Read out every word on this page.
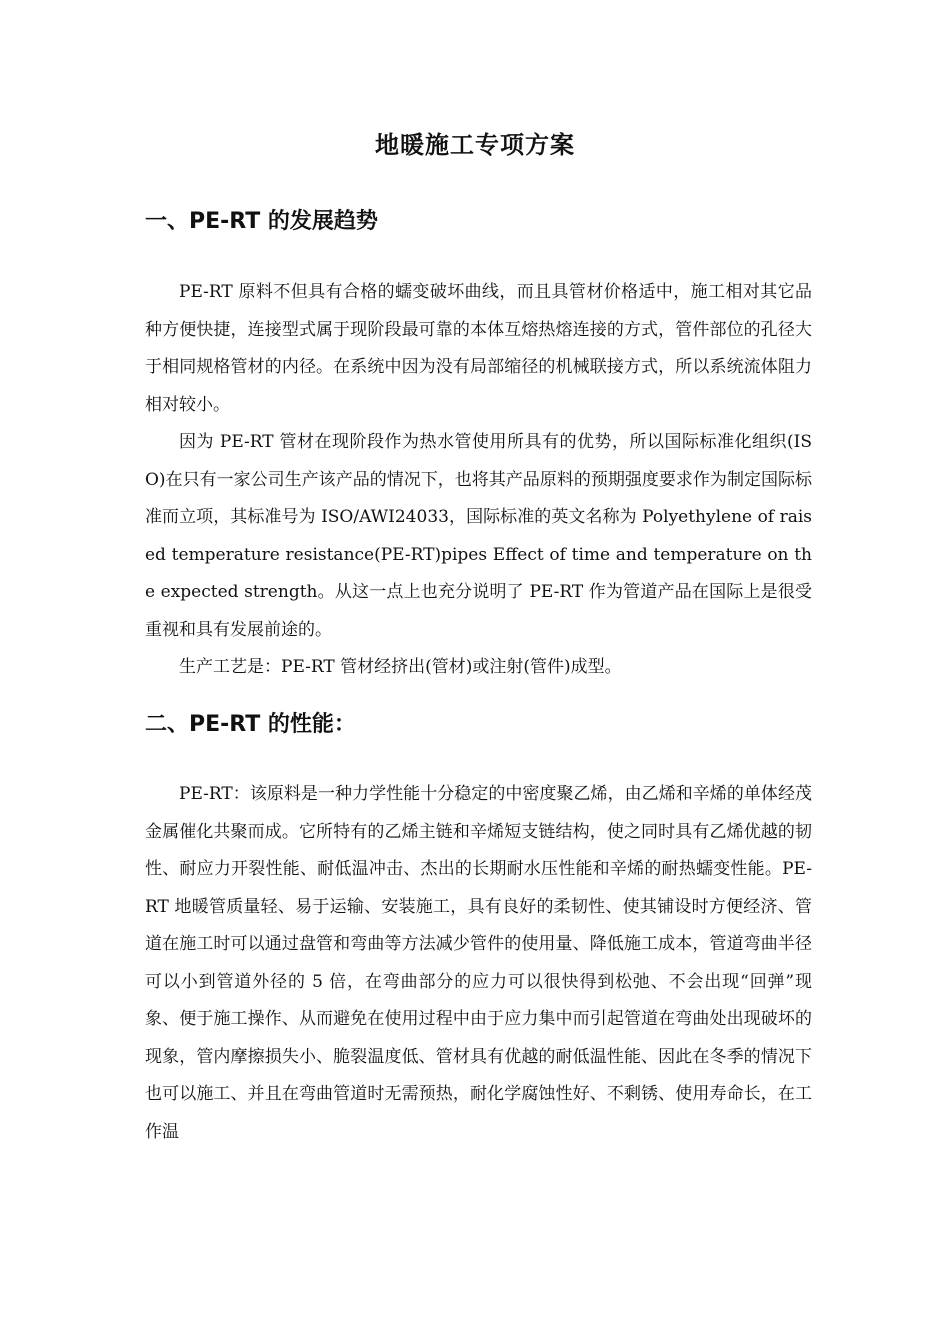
地暖施工专项方案
一、PE-RT 的发展趋势

PE-RT 原料不但具有合格的蠕变破坏曲线，而且具管材价格适中，施工相对其它品种方便快捷，连接型式属于现阶段最可靠的本体互熔热熔连接的方式，管件部位的孔径大于相同规格管材的内径。在系统中因为没有局部缩径的机械联接方式，所以系统流体阻力相对较小。

因为 PE-RT 管材在现阶段作为热水管使用所具有的优势，所以国际标准化组织(ISO)在只有一家公司生产该产品的情况下，也将其产品原料的预期强度要求作为制定国际标准而立项，其标准号为 ISO/AWI24033，国际标准的英文名称为 Polyethylene of raised temperature resistance(PE-RT)pipes Effect of time and temperature on the expected strength。从这一点上也充分说明了 PE-RT 作为管道产品在国际上是很受重视和具有发展前途的。

生产工艺是：PE-RT 管材经挤出(管材)或注射(管件)成型。

二、PE-RT 的性能：

PE-RT：该原料是一种力学性能十分稳定的中密度聚乙烯，由乙烯和辛烯的单体经茂金属催化共聚而成。它所特有的乙烯主链和辛烯短支链结构，使之同时具有乙烯优越的韧性、耐应力开裂性能、耐低温冲击、杰出的长期耐水压性能和辛烯的耐热蠕变性能。PE-RT 地暖管质量轻、易于运输、安装施工，具有良好的柔韧性、使其铺设时方便经济、管道在施工时可以通过盘管和弯曲等方法减少管件的使用量、降低施工成本，管道弯曲半径可以小到管道外径的 5 倍，在弯曲部分的应力可以很快得到松弛、不会出现“回弹”现象、便于施工操作、从而避免在使用过程中由于应力集中而引起管道在弯曲处出现破坏的现象，管内摩擦损失小、脆裂温度低、管材具有优越的耐低温性能、因此在冬季的情况下也可以施工、并且在弯曲管道时无需预热，耐化学腐蚀性好、不剩锈、使用寿命长，在工作温
